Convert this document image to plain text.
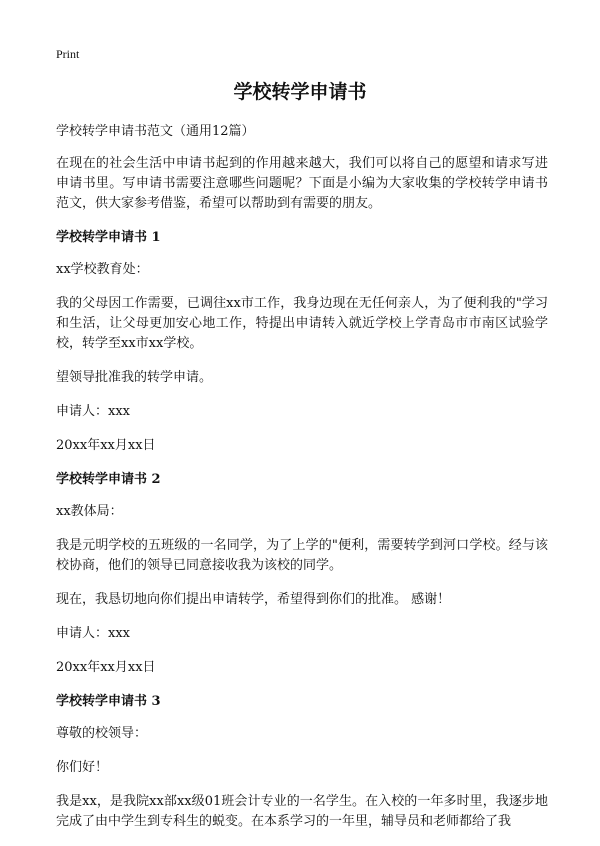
Print
学校转学申请书

学校转学申请书范文（通用12篇）

在现在的社会生活中申请书起到的作用越来越大，我们可以将自己的愿望和请求写进申请书里。写申请书需要注意哪些问题呢？下面是小编为大家收集的学校转学申请书范文，供大家参考借鉴，希望可以帮助到有需要的朋友。

学校转学申请书 1

xx学校教育处：

我的父母因工作需要，已调往xx市工作，我身边现在无任何亲人，为了便利我的"学习和生活，让父母更加安心地工作，特提出申请转入就近学校上学青岛市市南区试验学校，转学至xx市xx学校。

望领导批准我的转学申请。

申请人：xxx

20xx年xx月xx日

学校转学申请书 2

xx教体局：

我是元明学校的五班级的一名同学，为了上学的"便利，需要转学到河口学校。经与该校协商，他们的领导已同意接收我为该校的同学。

现在，我恳切地向你们提出申请转学，希望得到你们的批准。 感谢！

申请人：xxx

20xx年xx月xx日

学校转学申请书 3

尊敬的校领导：

你们好！

我是xx，是我院xx部xx级01班会计专业的一名学生。在入校的一年多时里，我逐步地完成了由中学生到专科生的蜕变。在本系学习的一年里，辅导员和老师都给了我
